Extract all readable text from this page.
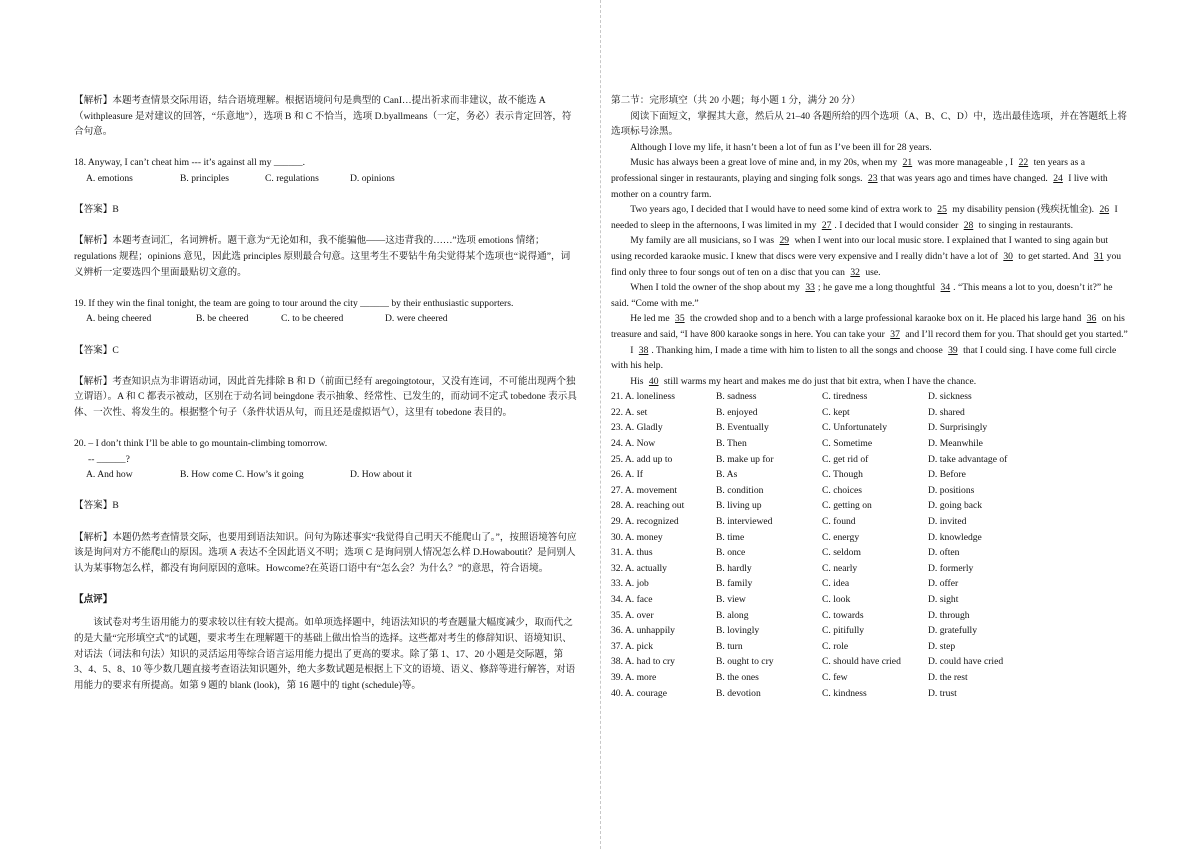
【解析】本题考查情景交际用语，结合语境理解。根据语境问句是典型的 CanI…提出祈求而非建议，故不能选 A（withpleasure 是对建议的回答，“乐意地”），选项 B 和 C 不恰当，选项 D.byallmeans（一定，务必）表示肯定回答，符合句意。

18. Anyway, I can’t cheat him --- it’s against all my ______.

A. emotions	B. principles	C. regulations	D. opinions

【答案】B

【解析】本题考查词汇，名词辨析。题干意为“无论如和，我不能骗他——这违背我的……”选项 emotions 情绪；regulations 规程；opinions 意见，因此选 principles 原则最合句意。这里考生不要钻牛角尖觉得某个选项也“说得通”，词义辨析一定要选四个里面最贴切文意的。

19. If they win the final tonight, the team are going to tour around the city ______ by their enthusiastic supporters.

A. being cheered	B. be cheered	C. to be cheered	D. were cheered

【答案】C

【解析】考查知识点为非谓语动词，因此首先排除 B 和 D（前面已经有 aregoingtotour，又没有连词，不可能出现两个独立谓语）。A 和 C 都表示被动，区别在于动名词 beingdone 表示抽象、经常性、已发生的，而动词不定式 tobedone 表示具体、一次性、将发生的。根据整个句子（条件状语从句，而且还是虚拟语气），这里有 tobedone 表目的。

20. – I don’t think I’ll be able to go mountain-climbing tomorrow.

-- ______?

A. And how	B. How come C. How’s it going	D. How about it

【答案】B

【解析】本题仍然考查情景交际，也要用到语法知识。问句为陈述事实“我觉得自己明天不能爬山了。”，按照语境答句应该是询问对方不能爬山的原因。选项 A 表达不全因此语义不明；选项 C 是询问别人情况怎么样 D.Howaboutit？是问别人认为某事物怎么样，都没有询问原因的意味。Howcome?在英语口语中有“怎么会？为什么？”的意思，符合语境。

【点评】

该试卷对考生语用能力的要求较以往有较大提高。如单项选择题中，纯语法知识的考查题量大幅度减少，取而代之的是大量“完形填空式”的试题，要求考生在理解题干的基础上做出恰当的选择。这些都对考生的修辞知识、语境知识、对话法（词法和句法）知识的灵活运用等综合语言运用能力提出了更高的要求。除了第 1、17、20 小题是交际题，第 3、4、5、8、10 等少数几题直接考查语法知识题外，绝大多数试题是根据上下文的语境、语义、修辞等进行解答，对语用能力的要求有所提高。如第 9 题的 blank (look)，第 16 题中的 tight (schedule)等。

第二节：完形填空（共 20 小题；每小题 1 分，满分 20 分）

阅读下面短文，掌握其大意，然后从 21–40 各题所给的四个选项（A、B、C、D）中，选出最佳选项，并在答题纸上将选项标号涂黑。

Although I love my life, it hasn’t been a lot of fun as I’ve been ill for 28 years.

Music has always been a great love of mine and, in my 20s, when my 21 was more manageable , I 22 ten years as a professional singer in restaurants, playing and singing folk songs. 23 that was years ago and times have changed. 24 I live with mother on a country farm.

Two years ago, I decided that I would have to need some kind of extra work to 25 my disability pension (残疾抚恤金). 26 I needed to sleep in the afternoons, I was limited in my 27 . I decided that I would consider 28 to singing in restaurants.

My family are all musicians, so I was 29 when I went into our local music store. I explained that I wanted to sing again but using recorded karaoke music. I knew that discs were very expensive and I really didn’t have a lot of 30 to get started. And 31 you find only three to four songs out of ten on a disc that you can 32 use.

When I told the owner of the shop about my 33 ; he gave me a long thoughtful 34 . “This means a lot to you, doesn’t it?” he said. “Come with me.”

He led me 35 the crowded shop and to a bench with a large professional karaoke box on it. He placed his large hand 36 on his treasure and said, “I have 800 karaoke songs in here. You can take your 37 and I’ll record them for you. That should get you started.”

I 38 . Thanking him, I made a time with him to listen to all the songs and choose 39 that I could sing. I have come full circle with his help.

His 40 still warms my heart and makes me do just that bit extra, when I have the chance.

21. A. loneliness	B. sadness	C. tiredness	D. sickness
22. A. set	B. enjoyed	C. kept	D. shared
23. A. Gladly	B. Eventually	C. Unfortunately	D. Surprisingly
24. A. Now	B. Then	C. Sometime	D. Meanwhile
25. A. add up to	B. make up for	C. get rid of	D. take advantage of
26. A. If	B. As	C. Though	D. Before
27. A. movement	B. condition	C. choices	D. positions
28. A. reaching out	B. living up	C. getting on	D. going back
29. A. recognized	B. interviewed	C. found	D. invited
30. A. money	B. time	C. energy	D. knowledge
31. A. thus	B. once	C. seldom	D. often
32. A. actually	B. hardly	C. nearly	D. formerly
33. A. job	B. family	C. idea	D. offer
34. A. face	B. view	C. look	D. sight
35. A. over	B. along	C. towards	D. through
36. A. unhappily	B. lovingly	C. pitifully	D. gratefully
37. A. pick	B. turn	C. role	D. step
38. A. had to cry	B. ought to cry	C. should have cried	D. could have cried
39. A. more	B. the ones	C. few	D. the rest
40. A. courage	B. devotion	C. kindness	D. trust
